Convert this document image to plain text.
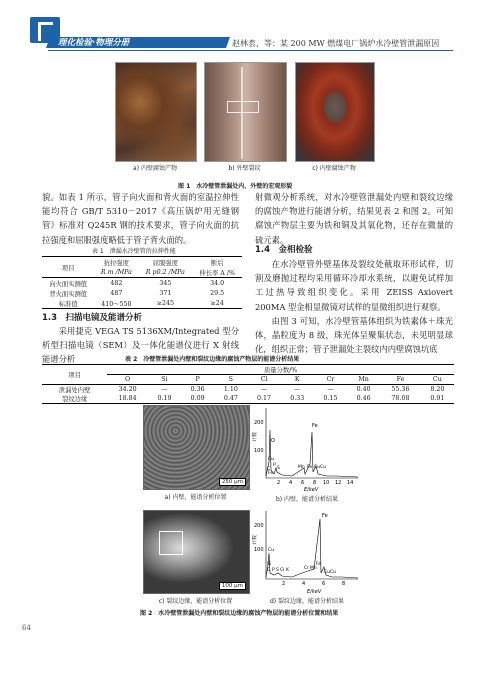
理化检验·物理分册	赵林枩，等：某 200 MW 燃煤电厂锅炉水冷壁管泄漏原因
a) 内壁腐蚀产物	b) 外壁裂纹	c) 内壁腐蚀产物
图 1　水冷壁管泄漏处内、外壁的宏观形貌

貌。如表 1 所示，管子向火面和背火面的室温拉伸性能均符合 GB/T 5310－2017《高压锅炉用无缝钢管》标准对 Q245R 钢的技术要求，管子向火面的抗拉强度和屈服强度略低于管子背火面的。

表 1　泄漏水冷壁管的拉伸性能
项目	抗拉强度	屈服强度	断后
	R m /MPa	R p0.2 /MPa	伸长率 A /%
向火面实测值	482	345	34.0
背火面实测值	487	371	29.5
标准值	410～550	≥245	≥24
1.3　扫描电镜及能谱分析

采用捷克 VEGA TS 5136XM/Integrated 型分析型扫描电镜（SEM）及一体化能谱仪进行 X 射线能谱分析

射微观分析系统，对水冷壁管泄漏处内壁和裂纹边缘的腐蚀产物进行能谱分析，结果见表 2 和图 2。可知腐蚀产物层主要为铁和铜及其氧化物，还存在微量的硫元素。

1.4　金相检验

在水冷壁管外壁基体及裂纹处截取环形试样，切割及磨抛过程均采用循环冷却水系统，以避免试样加工过热导致组织变化。采用 ZEISS Axiovert 200MA 型金相显微镜对试样的显微组织进行观察。

由图 3 可知，水冷壁管基体组织为铁素体＋珠光体，晶粒度为 8 级，珠光体呈聚集状态，未见明显球化，组织正常；管子泄漏处主裂纹内内壁腐蚀坑底

表 2　冷壁管泄漏处内壁和裂纹边缘的腐蚀产物层的能谱分析结果
项目	质量分数/%									
	O	Si	P	S	Cl	K	Cr	Mn	Fe	Cu
泄漏处内壁	34.20	—	0.36	1.10	—	—	—	0.40	55.36	8.20
裂纹边缘	18.84	0.19	0.09	0.47	0.17	0.33	0.15	0.46	78.08	0.91
250 μm
100 μm
a) 内壁，能谱分析位置
c) 裂纹边缘，能谱分析位置
200
100
计数	O
Fe
Cu
Mn Fe Cu Cu
P
S
C
Fe
2 4 6 8 10 12 14
E/keV
b) 内壁，能谱分析结果
200
100
计数
Fe
Cu
P S Cl K	Cr Mn
Fe
Cu Cu
Si
C
2	4	6	8
E/keV
d) 裂纹边缘，能谱分析结果
图 2　水冷壁管泄漏处内壁和裂纹边缘的腐蚀产物层的能谱分析位置和结果
64
